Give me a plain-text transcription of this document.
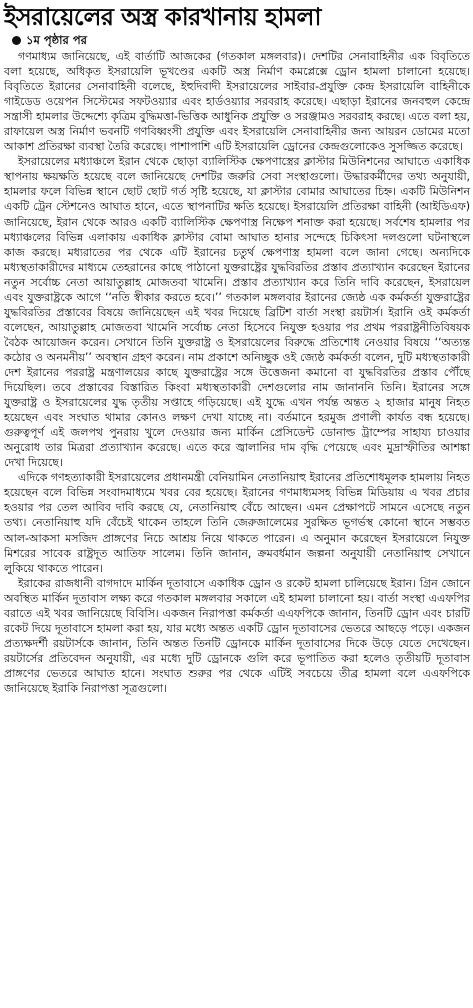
ইসরায়েলের অস্ত্র কারখানায় হামলা
১ম পৃষ্ঠার পর

গণমাধ্যম জানিয়েছে, এই বার্তাটি আজকের (গতকাল মঙ্গলবার)। দেশটির সেনাবাহিনীর এক বিবৃতিতে বলা হয়েছে, অধিকৃত ইসরায়েলি ভূখণ্ডের একটি অস্ত্র নির্মাণ কমপ্লেক্সে ড্রোন হামলা চালানো হয়েছে। বিবৃতিতে ইরানের সেনাবাহিনী বলেছে, ইহুদিবাদী ইসরায়েলের সাইবার-প্রযুক্তি কেন্দ্র ইসরায়েলি বাহিনীকে গাইডেড ওয়েপন সিস্টেমের সফটওয়্যার এবং হার্ডওয়্যার সরবরাহ করেছে। এছাড়া ইরানের জনবহুল কেন্দ্রে সন্ত্রাসী হামলার উদ্দেশ্যে কৃত্রিম বুদ্ধিমত্তা-ভিত্তিক আধুনিক প্রযুক্তি ও সরঞ্জামও সরবরাহ করছে। এতে বলা হয়, রাফায়েল অস্ত্র নির্মাণ ভবনটি গণবিধ্বংসী প্রযুক্তি এবং ইসরায়েলি সেনাবাহিনীর জন্য আয়রন ডোমের মতো আকাশ প্রতিরক্ষা ব্যবস্থা তৈরি করেছে। পাশাপাশি এটি ইসরায়েলি ড্রোনের কেন্দ্রগুলোকেও সুসজ্জিত করেছে।

ইসরায়েলের মধ্যাঞ্চলে ইরান থেকে ছোড়া ব্যালিস্টিক ক্ষেপণাস্ত্রের ক্লাস্টার মিউনিশনের আঘাতে একাধিক স্থাপনায় ক্ষয়ক্ষতি হয়েছে বলে জানিয়েছে দেশটির জরুরি সেবা সংস্থাগুলো। উদ্ধারকর্মীদের তথ্য অনুযায়ী, হামলার ফলে বিভিন্ন স্থানে ছোট ছোট গর্ত সৃষ্টি হয়েছে, যা ক্লাস্টার বোমার আঘাতের চিহ্ন। একটি মিউনিশন একটি ট্রেন স্টেশনেও আঘাত হানে, এতে স্থাপনাটির ক্ষতি হয়েছে। ইসরায়েলি প্রতিরক্ষা বাহিনী (আইডিএফ) জানিয়েছে, ইরান থেকে আরও একটি ব্যালিস্টিক ক্ষেপণাস্ত্র নিক্ষেপ শনাক্ত করা হয়েছে। সর্বশেষ হামলার পর মধ্যাঞ্চলের বিভিন্ন এলাকায় একাধিক ক্লাস্টার বোমা আঘাত হানার সন্দেহে চিকিৎসা দলগুলো ঘটনাস্থলে কাজ করছে। মধ্যরাতের পর থেকে এটি ইরানের চতুর্থ ক্ষেপণাস্ত্র হামলা বলে জানা গেছে। অন্যদিকে মধ্যস্থতাকারীদের মাধ্যমে তেহরানের কাছে পাঠানো যুক্তরাষ্ট্রের যুদ্ধবিরতির প্রস্তাব প্রত্যাখ্যান করেছেন ইরানের নতুন সর্বোচ্চ নেতা আয়াতুল্লাহ মোজতবা খামেনি। প্রস্তাব প্রত্যাখ্যান করে তিনি দাবি করেছেন, ইসরায়েল এবং যুক্তরাষ্ট্রকে আগে ‘‘নতি স্বীকার করতে হবে।’’ গতকাল মঙ্গলবার ইরানের জ্যেষ্ঠ এক কর্মকর্তা যুক্তরাষ্ট্রের যুদ্ধবিরতির প্রস্তাবের বিষয়ে জানিয়েছেন এই খবর দিয়েছে ব্রিটিশ বার্তা সংস্থা রয়টার্স। ইরানি ওই কর্মকর্তা বলেছেন, আয়াতুল্লাহ মোজতবা খামেনি সর্বোচ্চ নেতা হিসেবে নিযুক্ত হওয়ার পর প্রথম পররাষ্ট্রনীতিবিষয়ক বৈঠক আয়োজন করেন। সেখানে তিনি যুক্তরাষ্ট্র ও ইসরায়েলের বিরুদ্ধে প্রতিশোধ নেওয়ার বিষয়ে ‘‘অত্যন্ত কঠোর ও অনমনীয়’’ অবস্থান গ্রহণ করেন। নাম প্রকাশে অনিচ্ছুক ওই জ্যেষ্ঠ কর্মকর্তা বলেন, দুটি মধ্যস্থতাকারী দেশ ইরানের পররাষ্ট্র মন্ত্রণালয়ের কাছে যুক্তরাষ্ট্রের সঙ্গে উত্তেজনা কমানো বা যুদ্ধবিরতির প্রস্তাব পৌঁছে দিয়েছিল। তবে প্রস্তাবের বিস্তারিত কিংবা মধ্যস্থতাকারী দেশগুলোর নাম জানাননি তিনি। ইরানের সঙ্গে যুক্তরাষ্ট্র ও ইসরায়েলের যুদ্ধ তৃতীয় সপ্তাহে গড়িয়েছে। এই যুদ্ধে এখন পর্যন্ত অন্তত ২ হাজার মানুষ নিহত হয়েছেন এবং সংঘাত থামার কোনও লক্ষণ দেখা যাচ্ছে না। বর্তমানে হরমুজ প্রণালী কার্যত বন্ধ হয়েছে। গুরুত্বপূর্ণ এই জলপথ পুনরায় খুলে দেওয়ার জন্য মার্কিন প্রেসিডেন্ট ডোনাল্ড ট্রাম্পের সাহায্য চাওয়ার অনুরোধ তার মিত্ররা প্রত্যাখ্যান করেছে। এতে করে জ্বালানির দাম বৃদ্ধি পেয়েছে এবং মুদ্রাস্ফীতির আশঙ্কা দেখা দিয়েছে।

এদিকে গণহত্যাকারী ইসরায়েলের প্রধানমন্ত্রী বেনিয়ামিন নেতানিয়াহু ইরানের প্রতিশোধমূলক হামলায় নিহত হয়েছেন বলে বিভিন্ন সংবাদমাধ্যমে খবর বের হয়েছে। ইরানের গণমাধ্যমসহ বিভিন্ন মিডিয়ায় এ খবর প্রচার হওয়ার পর তেল আবিব দাবি করছে যে, নেতানিয়াহু বেঁচে আছেন। এমন প্রেক্ষাপটে সামনে এসেছে নতুন তথ্য। নেতানিয়াহু যদি বেঁচেই থাকেন তাহলে তিনি জেরুজালেমের সুরক্ষিত ভূগর্ভস্থ কোনো স্থানে সম্ভবত আল-আকসা মসজিদ প্রাঙ্গণের নিচে আশ্রয় নিয়ে থাকতে পারেন। এ অনুমান করেছেন ইসরায়েলে নিযুক্ত মিশরের সাবেক রাষ্ট্রদূত আতিফ সালেম। তিনি জানান, ক্রমবর্ধমান জল্পনা অনুযায়ী নেতানিয়াহু সেখানে লুকিয়ে থাকতে পারেন।

ইরাকের রাজধানী বাগদাদে মার্কিন দূতাবাসে একাধিক ড্রোন ও রকেট হামলা চালিয়েছে ইরান। গ্রিন জোনে অবস্থিত মার্কিন দূতাবাস লক্ষ্য করে গতকাল মঙ্গলবার সকালে এই হামলা চালানো হয়। বার্তা সংস্থা এএফপির বরাতে এই খবর জানিয়েছে বিবিসি। একজন নিরাপত্তা কর্মকর্তা এএফপিকে জানান, তিনটি ড্রোন এবং চারটি রকেট দিয়ে দূতাবাসে হামলা করা হয়, যার মধ্যে অন্তত একটি ড্রোন দূতাবাসের ভেতরে আছড়ে পড়ে। একজন প্রত্যক্ষদর্শী রয়টার্সকে জানান, তিনি অন্তত তিনটি ড্রোনকে মার্কিন দূতাবাসের দিকে উড়ে যেতে দেখেছেন। রয়টার্সের প্রতিবেদন অনুযায়ী, এর মধ্যে দুটি ড্রোনকে গুলি করে ভূপাতিত করা হলেও তৃতীয়টি দূতাবাস প্রাঙ্গণের ভেতরে আঘাত হানে। সংঘাত শুরুর পর থেকে এটিই সবচেয়ে তীব্র হামলা বলে এএফপিকে জানিয়েছে ইরাকি নিরাপত্তা সূত্রগুলো।
